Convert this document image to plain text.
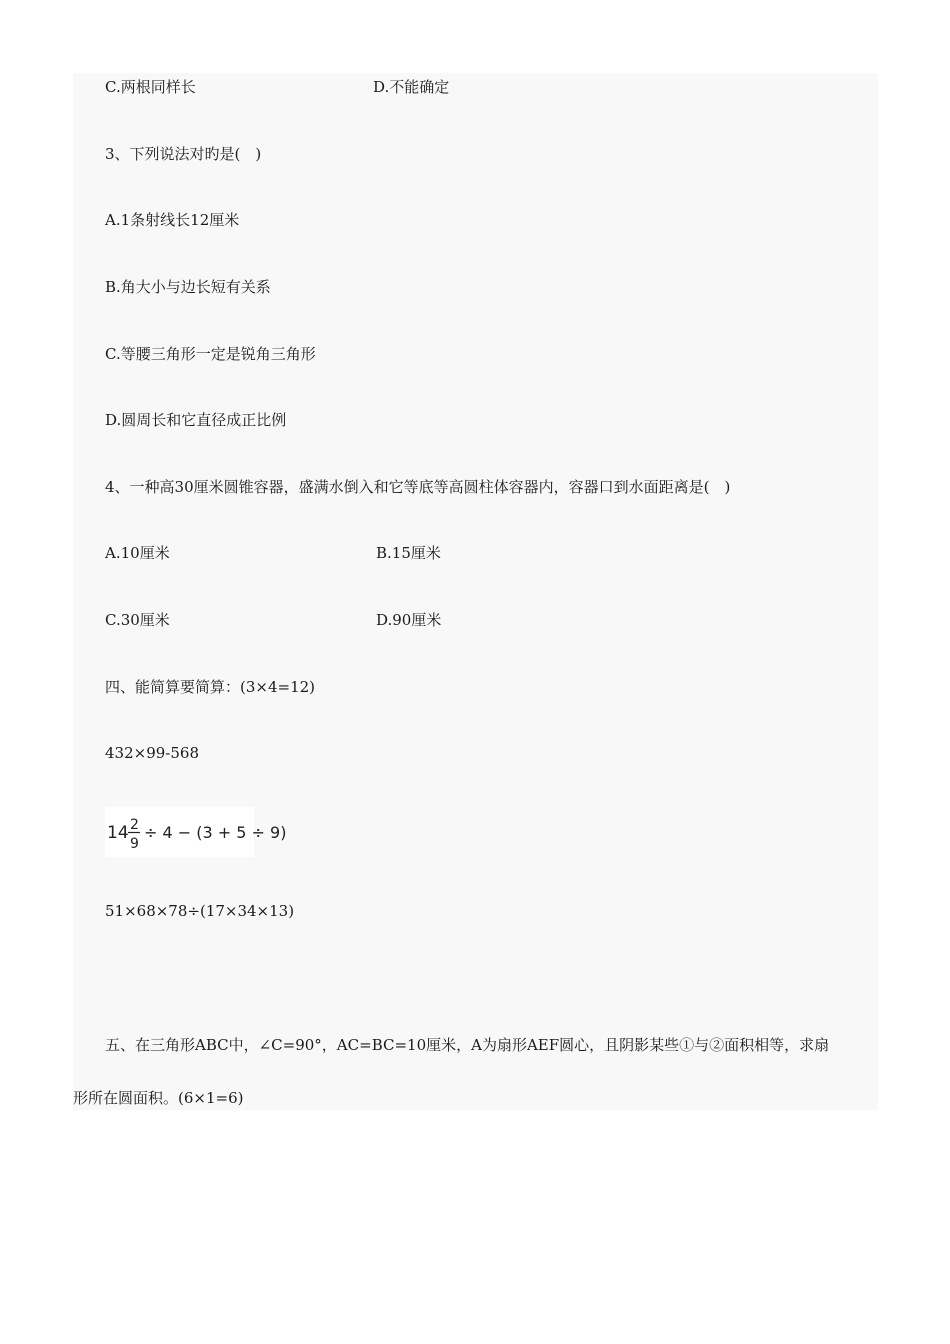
C.两根同样长	D.不能确定
3、下列说法对旳是(　)
A.1条射线长12厘米
B.角大小与边长短有关系
C.等腰三角形一定是锐角三角形
D.圆周长和它直径成正比例
4、一种高30厘米圆锥容器，盛满水倒入和它等底等高圆柱体容器内，容器口到水面距离是(　)
A.10厘米	B.15厘米
C.30厘米	D.90厘米
四、能简算要简算：(3×4=12)
432×99-568
14 2
9
÷ 4 − (3 + 5 ÷ 9)
51×68×78÷(17×34×13)
五、在三角形ABC中，∠C=90°，AC=BC=10厘米，A为扇形AEF圆心，且阴影某些①与②面积相等，求扇
形所在圆面积。(6×1=6)
